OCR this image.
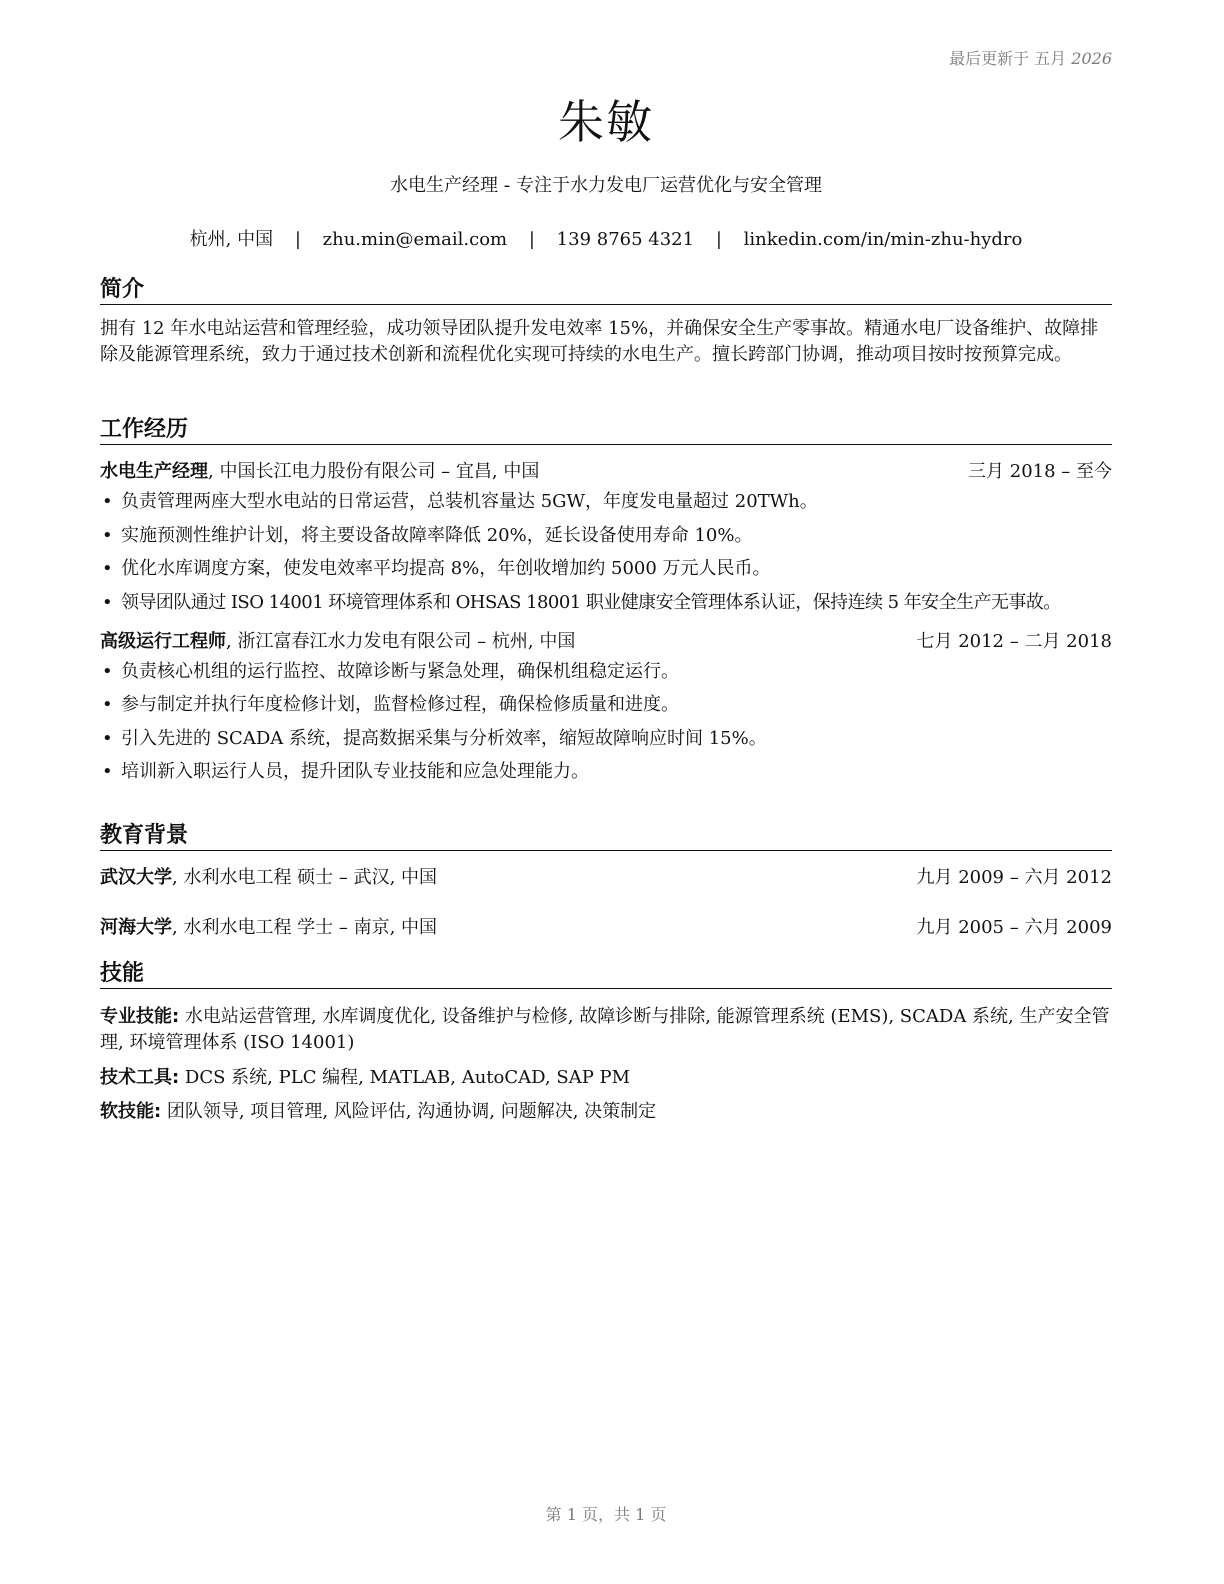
最后更新于 五月 2026
朱敏
水电生产经理 - 专注于水力发电厂运营优化与安全管理
杭州, 中国 | zhu.min@email.com | 139 8765 4321 | linkedin.com/in/min-zhu-hydro
简介
拥有 12 年水电站运营和管理经验，成功领导团队提升发电效率 15%，并确保安全生产零事故。精通水电厂设备维护、故障排除及能源管理系统，致力于通过技术创新和流程优化实现可持续的水电生产。擅长跨部门协调，推动项目按时按预算完成。
工作经历
水电生产经理, 中国长江电力股份有限公司 – 宜昌, 中国	三月 2018 – 至今
• 负责管理两座大型水电站的日常运营，总装机容量达 5GW，年度发电量超过 20TWh。
• 实施预测性维护计划，将主要设备故障率降低 20%，延长设备使用寿命 10%。
• 优化水库调度方案，使发电效率平均提高 8%，年创收增加约 5000 万元人民币。
• 领导团队通过 ISO 14001 环境管理体系和 OHSAS 18001 职业健康安全管理体系认证，保持连续 5 年安全生产无事故。
高级运行工程师, 浙江富春江水力发电有限公司 – 杭州, 中国	七月 2012 – 二月 2018
• 负责核心机组的运行监控、故障诊断与紧急处理，确保机组稳定运行。
• 参与制定并执行年度检修计划，监督检修过程，确保检修质量和进度。
• 引入先进的 SCADA 系统，提高数据采集与分析效率，缩短故障响应时间 15%。
• 培训新入职运行人员，提升团队专业技能和应急处理能力。
教育背景
武汉大学, 水利水电工程 硕士 – 武汉, 中国	九月 2009 – 六月 2012
河海大学, 水利水电工程 学士 – 南京, 中国	九月 2005 – 六月 2009
技能
专业技能: 水电站运营管理, 水库调度优化, 设备维护与检修, 故障诊断与排除, 能源管理系统 (EMS), SCADA 系统, 生产安全管理, 环境管理体系 (ISO 14001)
技术工具: DCS 系统, PLC 编程, MATLAB, AutoCAD, SAP PM
软技能: 团队领导, 项目管理, 风险评估, 沟通协调, 问题解决, 决策制定
第 1 页，共 1 页
